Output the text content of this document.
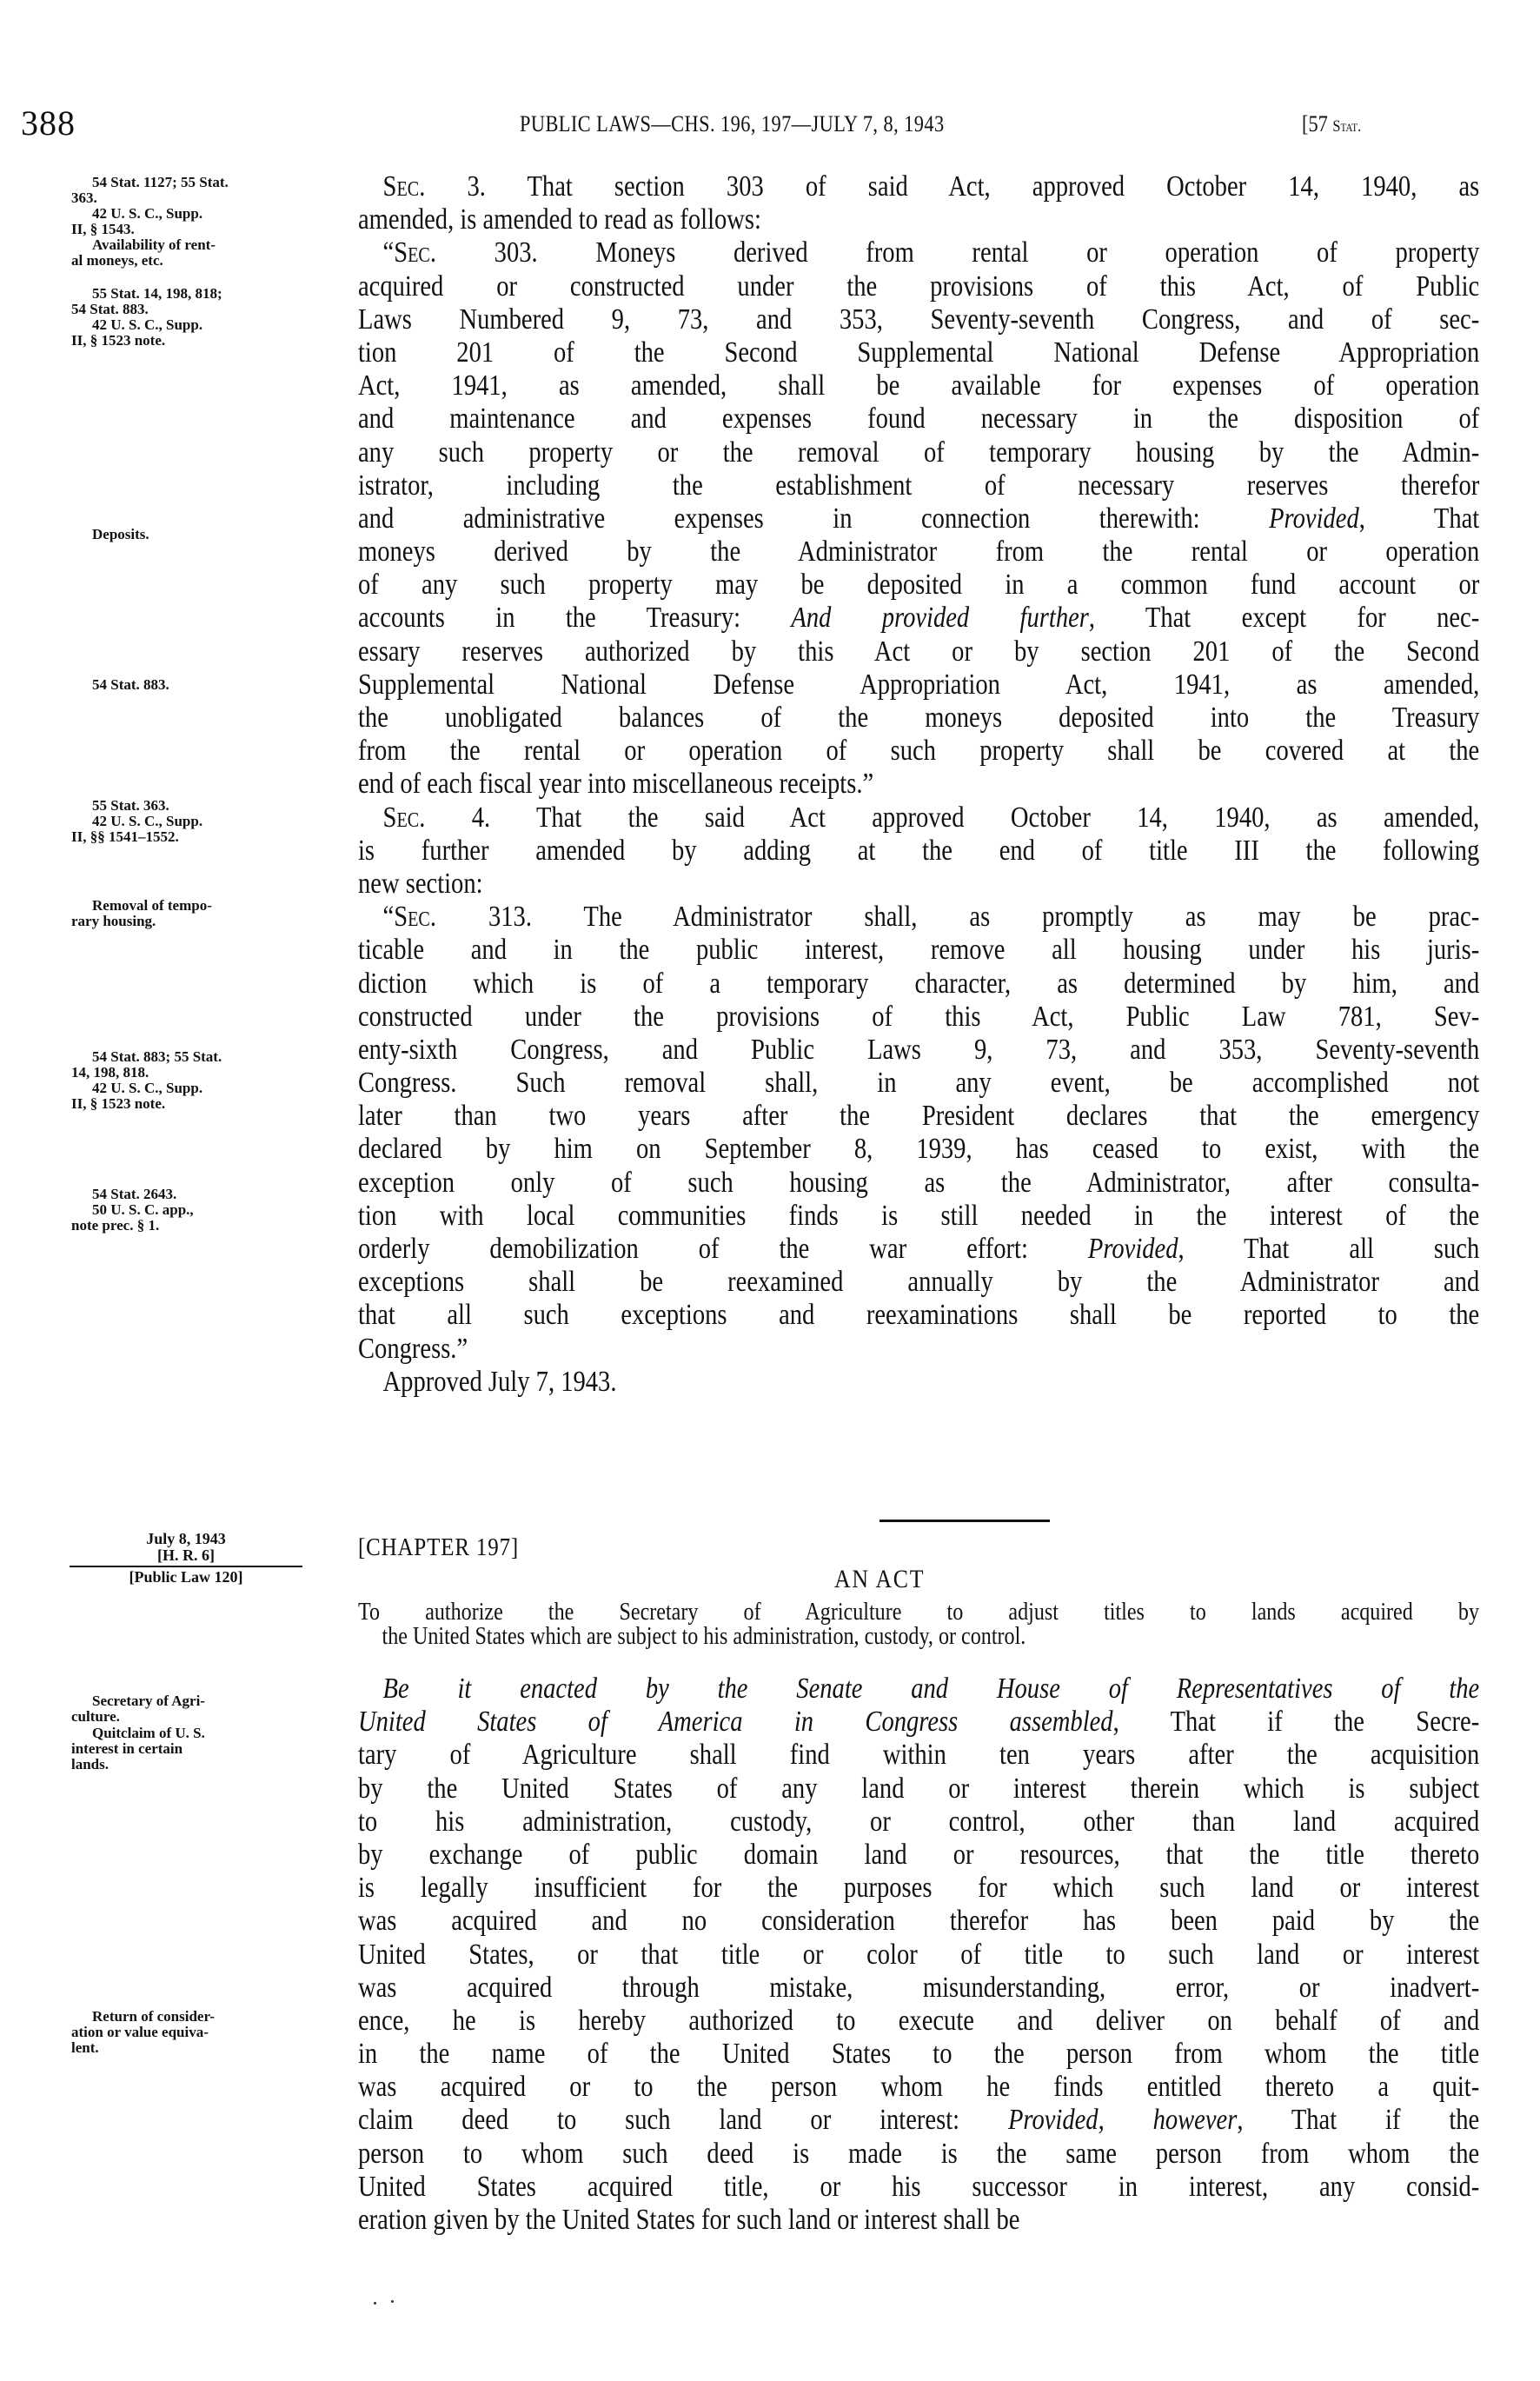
388	PUBLIC LAWS—CHS. 196, 197—JULY 7, 8, 1943	[57 Stat.
54 Stat. 1127; 55 Stat.
363.
42 U. S. C., Supp.
II, § 1543.
Availability of rent-
al moneys, etc.
55 Stat. 14, 198, 818;
54 Stat. 883.
42 U. S. C., Supp.
II, § 1523 note.
Deposits.
54 Stat. 883.
55 Stat. 363.
42 U. S. C., Supp.
II, §§ 1541–1552.
Removal of tempo-
rary housing.
54 Stat. 883; 55 Stat.
14, 198, 818.
42 U. S. C., Supp.
II, § 1523 note.
54 Stat. 2643.
50 U. S. C. app.,
note prec. § 1.
Secretary of Agri-
culture.
Quitclaim of U. S.
interest in certain
lands.
Return of consider-
ation or value equiva-
lent.
July 8, 1943
[H. R. 6]
[Public Law 120]
Sec. 3. That section 303 of said Act, approved October 14, 1940, as
amended, is amended to read as follows:
“Sec. 303. Moneys derived from rental or operation of property
acquired or constructed under the provisions of this Act, of Public
Laws Numbered 9, 73, and 353, Seventy-seventh Congress, and of sec-
tion 201 of the Second Supplemental National Defense Appropriation
Act, 1941, as amended, shall be available for expenses of operation
and maintenance and expenses found necessary in the disposition of
any such property or the removal of temporary housing by the Admin-
istrator, including the establishment of necessary reserves therefor
and administrative expenses in connection therewith: Provided, That
moneys derived by the Administrator from the rental or operation
of any such property may be deposited in a common fund account or
accounts in the Treasury: And provided further, That except for nec-
essary reserves authorized by this Act or by section 201 of the Second
Supplemental National Defense Appropriation Act, 1941, as amended,
the unobligated balances of the moneys deposited into the Treasury
from the rental or operation of such property shall be covered at the
end of each fiscal year into miscellaneous receipts.”
Sec. 4. That the said Act approved October 14, 1940, as amended,
is further amended by adding at the end of title III the following
new section:
“Sec. 313. The Administrator shall, as promptly as may be prac-
ticable and in the public interest, remove all housing under his juris-
diction which is of a temporary character, as determined by him, and
constructed under the provisions of this Act, Public Law 781, Sev-
enty-sixth Congress, and Public Laws 9, 73, and 353, Seventy-seventh
Congress. Such removal shall, in any event, be accomplished not
later than two years after the President declares that the emergency
declared by him on September 8, 1939, has ceased to exist, with the
exception only of such housing as the Administrator, after consulta-
tion with local communities finds is still needed in the interest of the
orderly demobilization of the war effort: Provided, That all such
exceptions shall be reexamined annually by the Administrator and
that all such exceptions and reexaminations shall be reported to the
Congress.”
Approved July 7, 1943.
[CHAPTER 197]
AN ACT
To authorize the Secretary of Agriculture to adjust titles to lands acquired by
the United States which are subject to his administration, custody, or control.
Be it enacted by the Senate and House of Representatives of the
United States of America in Congress assembled, That if the Secre-
tary of Agriculture shall find within ten years after the acquisition
by the United States of any land or interest therein which is subject
to his administration, custody, or control, other than land acquired
by exchange of public domain land or resources, that the title thereto
is legally insufficient for the purposes for which such land or interest
was acquired and no consideration therefor has been paid by the
United States, or that title or color of title to such land or interest
was acquired through mistake, misunderstanding, error, or inadvert-
ence, he is hereby authorized to execute and deliver on behalf of and
in the name of the United States to the person from whom the title
was acquired or to the person whom he finds entitled thereto a quit-
claim deed to such land or interest: Provided, however, That if the
person to whom such deed is made is the same person from whom the
United States acquired title, or his successor in interest, any consid-
eration given by the United States for such land or interest shall be
